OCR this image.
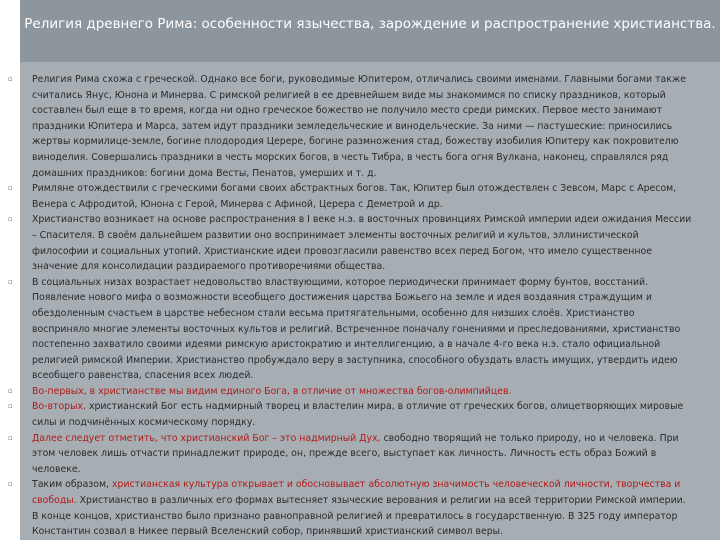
Религия древнего Рима: особенности язычества, зарождение и распространение христианства.
▫ Религия Рима схожа с греческой. Однако все боги, руководимые Юпитером, отличались своими именами. Главными богами также считались Янус, Юнона и Минерва. С римской религией в ее древнейшем виде мы знакомимся по списку праздников, который составлен был еще в то время, когда ни одно греческое божество не получило место среди римских. Первое место занимают праздники Юпитера и Марса, затем идут праздники земледельческие и винодельческие. За ними — пастушеские: приносились жертвы кормилице-земле, богине плодородия Церере, богине размножения стад, божеству изобилия Юпитеру как покровителю виноделия. Совершались праздники в честь морских богов, в честь Тибра, в честь бога огня Вулкана, наконец, справлялся ряд домашних праздников: богини дома Весты, Пенатов, умерших и т. д.
▫ Римляне отождествили с греческими богами своих абстрактных богов. Так, Юпитер был отождествлен с Зевсом, Марс с Аресом, Венера с Афродитой, Юнона с Герой, Минерва с Афиной, Церера с Деметрой и др.
▫ Христианство возникает на основе распространения в I веке н.э. в восточных провинциях Римской империи идеи ожидания Мессии – Спасителя. В своём дальнейшем развитии оно воспринимает элементы восточных религий и культов, эллинистической философии и социальных утопий. Христианские идеи провозгласили равенство всех перед Богом, что имело существенное значение для консолидации раздираемого противоречиями общества.
▫ В социальных низах возрастает недовольство властвующими, которое периодически принимает форму бунтов, восстаний. Появление нового мифа о возможности всеобщего достижения царства Божьего на земле и идея воздаяния страждущим и обездоленным счастьем в царстве небесном стали весьма притягательными, особенно для низших слоёв. Христианство восприняло многие элементы восточных культов и религий. Встреченное поначалу гонениями и преследованиями, христианство постепенно захватило своими идеями римскую аристократию и интеллигенцию, а в начале 4-го века н.э. стало официальной религией римской Империи. Христианство пробуждало веру в заступника, способного обуздать власть имущих, утвердить идею всеобщего равенства, спасения всех людей.
▫ Во-первых, в христианстве мы видим единого Бога, в отличие от множества богов-олимпийцев.
▫ Во-вторых, христианский Бог есть надмирный творец и властелин мира, в отличие от греческих богов, олицетворяющих мировые силы и подчинённых космическому порядку.
▫ Далее следует отметить, что христианский Бог – это надмирный Дух, свободно творящий не только природу, но и человека. При этом человек лишь отчасти принадлежит природе, он, прежде всего, выступает как личность. Личность есть образ Божий в человеке.
▫ Таким образом, христианская культура открывает и обосновывает абсолютную значимость человеческой личности, творчества и свободы. Христианство в различных его формах вытесняет языческие верования и религии на всей территории Римской империи. В конце концов, христианство было признано равноправной религией и превратилось в государственную. В 325 году император Константин созвал в Никее первый Вселенский собор, принявший христианский символ веры.
